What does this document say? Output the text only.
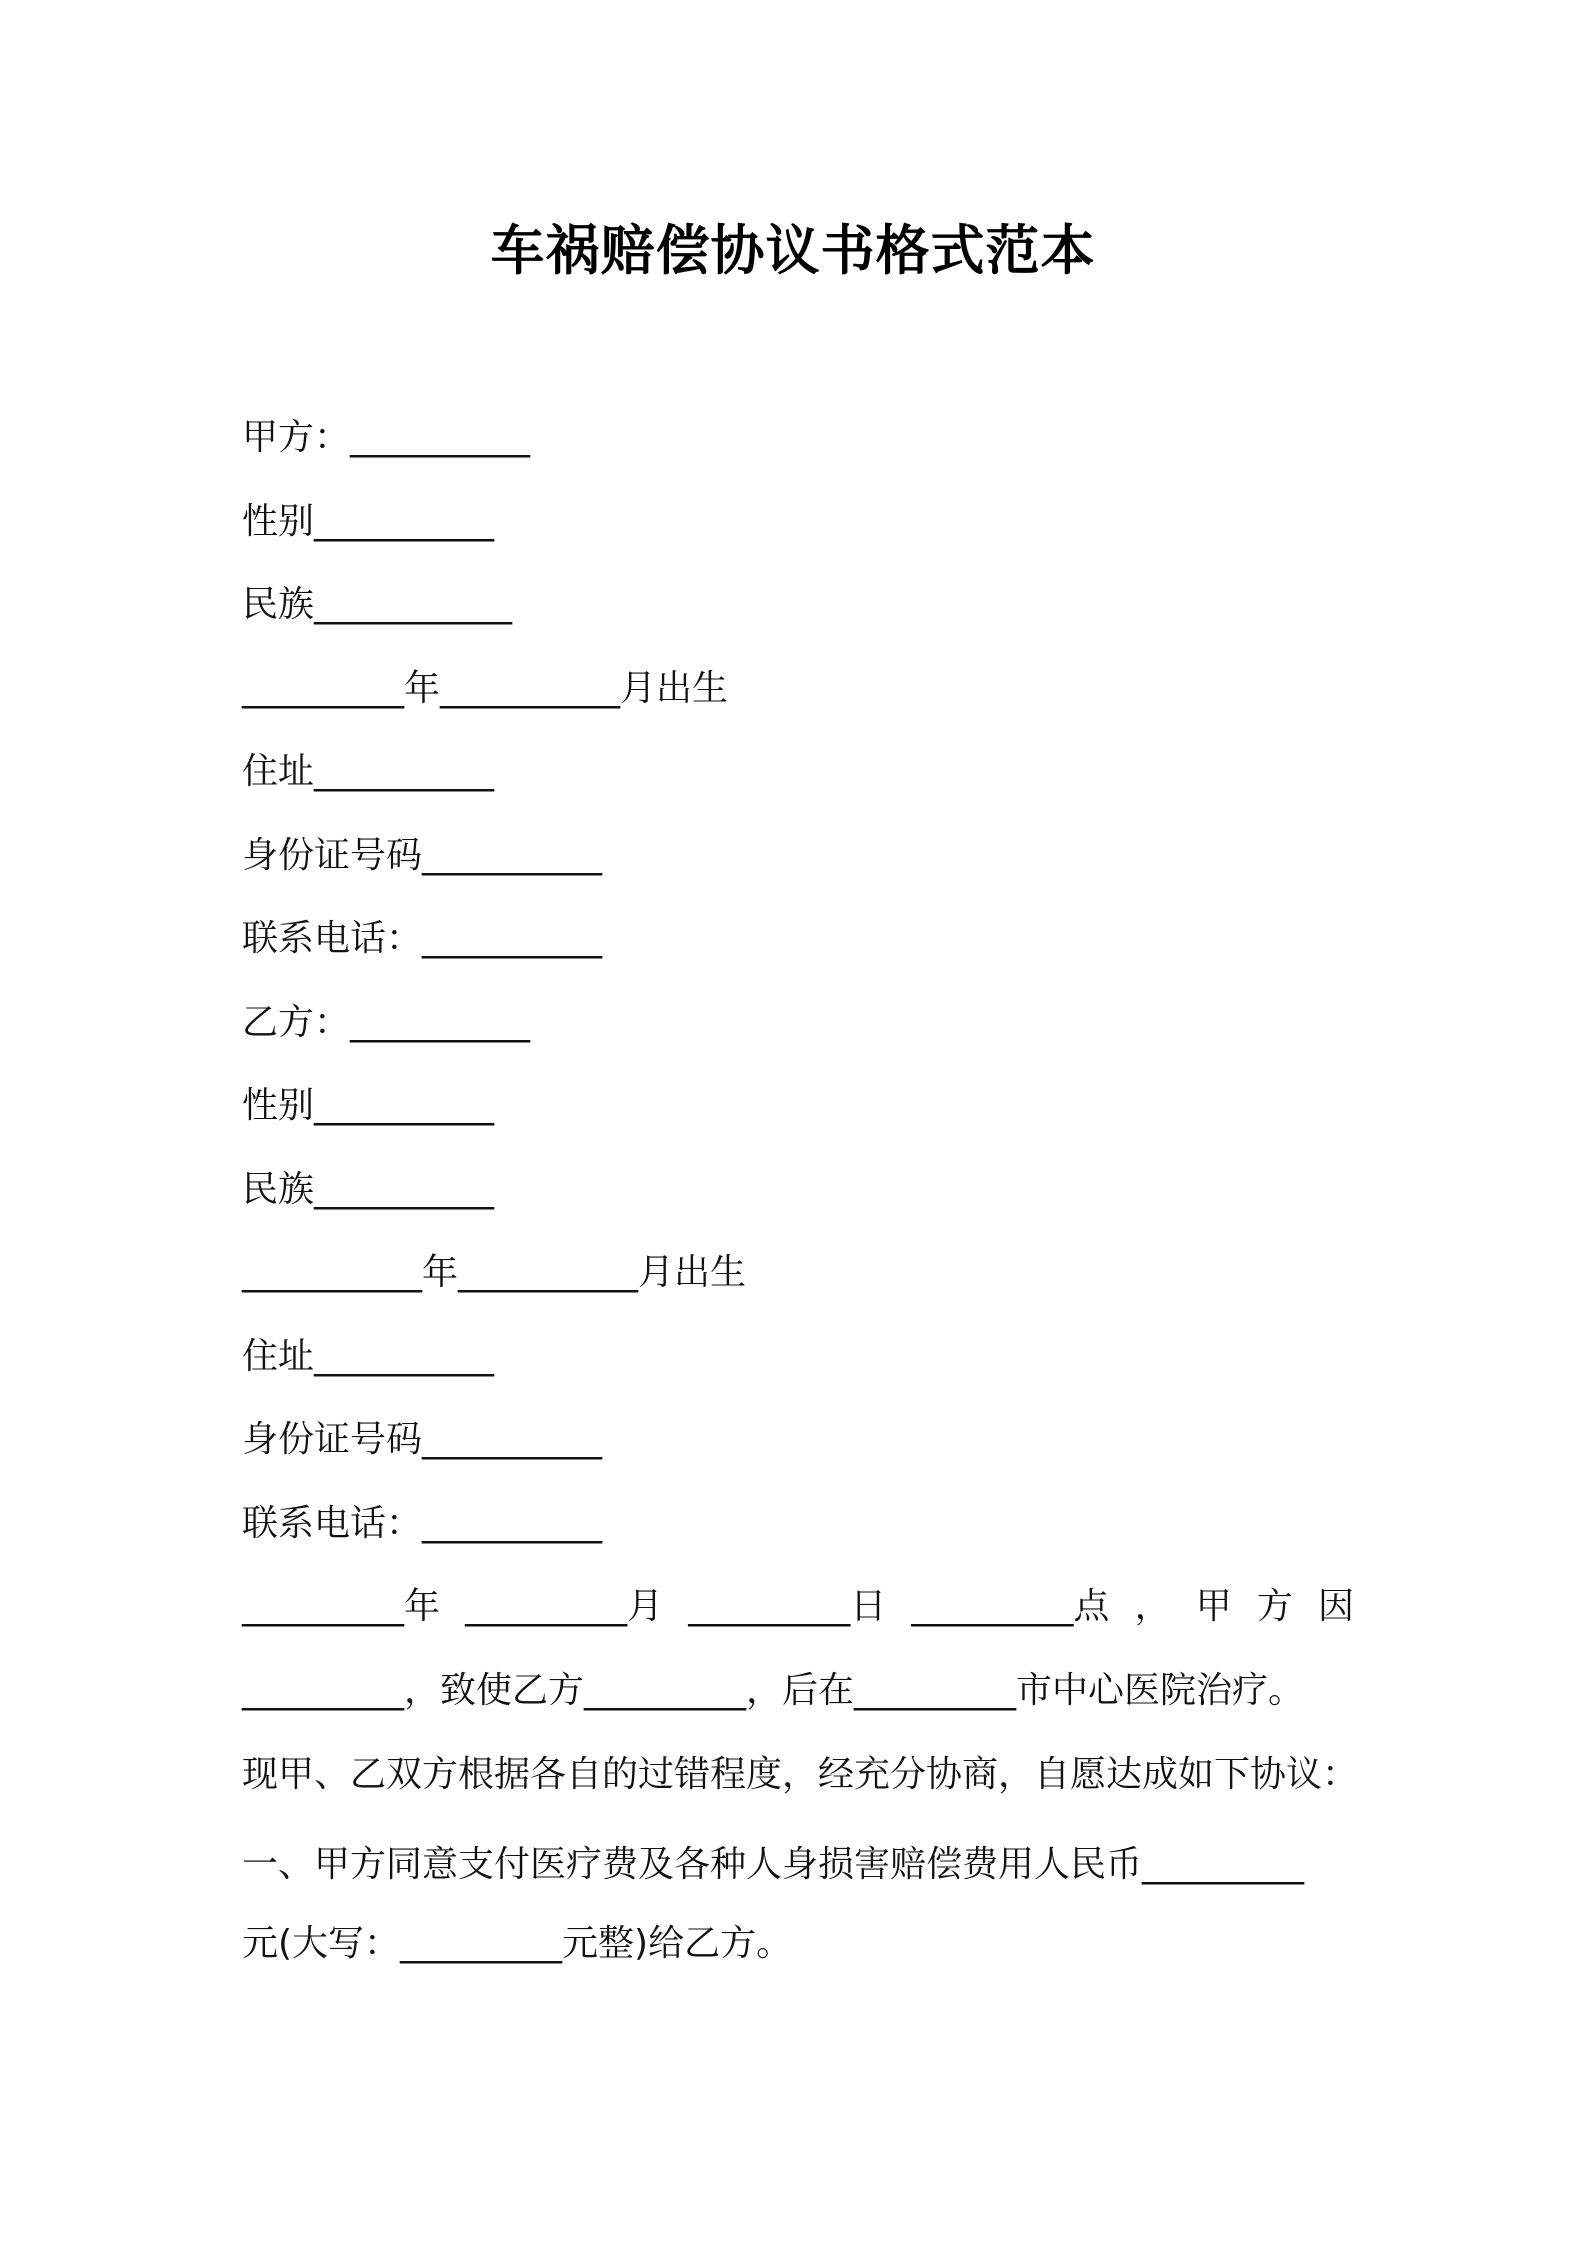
车祸赔偿协议书格式范本
甲方：__________
性别__________
民族___________
_________年__________月出生
住址__________
身份证号码__________
联系电话：__________
乙方：__________
性别__________
民族__________
__________年__________月出生
住址__________
身份证号码__________
联系电话：__________
_________年 _________月 _________日 _________点 ， 甲 方 因
_________，致使乙方_________，后在_________市中心医院治疗。
现甲、乙双方根据各自的过错程度，经充分协商，自愿达成如下协议：
一、甲方同意支付医疗费及各种人身损害赔偿费用人民币_________
元(大写：_________元整)给乙方。
